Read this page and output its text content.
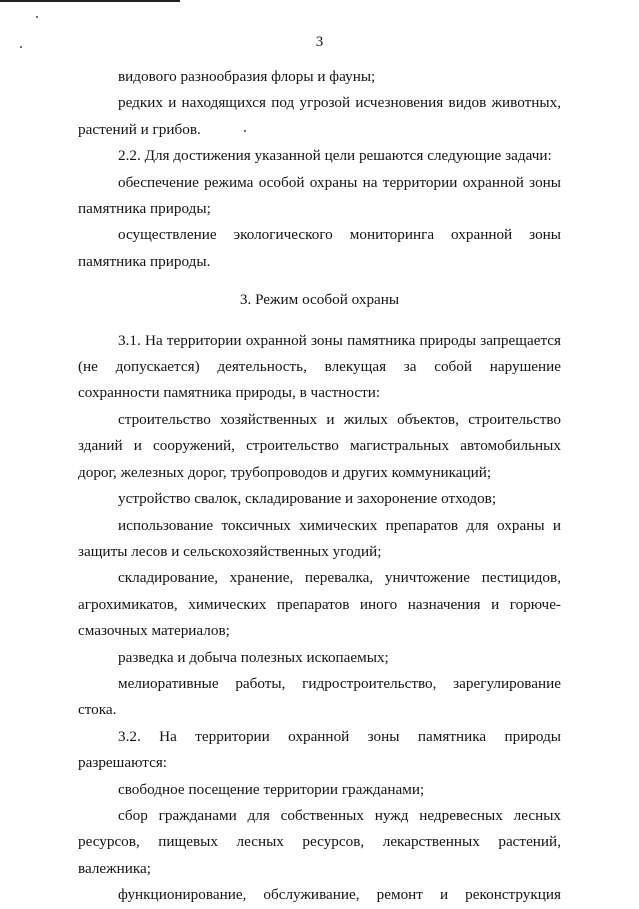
3

видового разнообразия флоры и фауны;

редких и находящихся под угрозой исчезновения видов животных, растений и грибов.

2.2. Для достижения указанной цели решаются следующие задачи:

обеспечение режима особой охраны на территории охранной зоны памятника природы;

осуществление экологического мониторинга охранной зоны памятника природы.

3. Режим особой охраны

3.1. На территории охранной зоны памятника природы запрещается (не допускается) деятельность, влекущая за собой нарушение сохранности памятника природы, в частности:

строительство хозяйственных и жилых объектов, строительство зданий и сооружений, строительство магистральных автомобильных дорог, железных дорог, трубопроводов и других коммуникаций;

устройство свалок, складирование и захоронение отходов;

использование токсичных химических препаратов для охраны и защиты лесов и сельскохозяйственных угодий;

складирование, хранение, перевалка, уничтожение пестицидов, агрохимикатов, химических препаратов иного назначения и горюче-смазочных материалов;

разведка и добыча полезных ископаемых;

мелиоративные работы, гидростроительство, зарегулирование стока.

3.2. На территории охранной зоны памятника природы разрешаются:

свободное посещение территории гражданами;

сбор гражданами для собственных нужд недревесных лесных ресурсов, пищевых лесных ресурсов, лекарственных растений, валежника;

функционирование, обслуживание, ремонт и реконструкция
